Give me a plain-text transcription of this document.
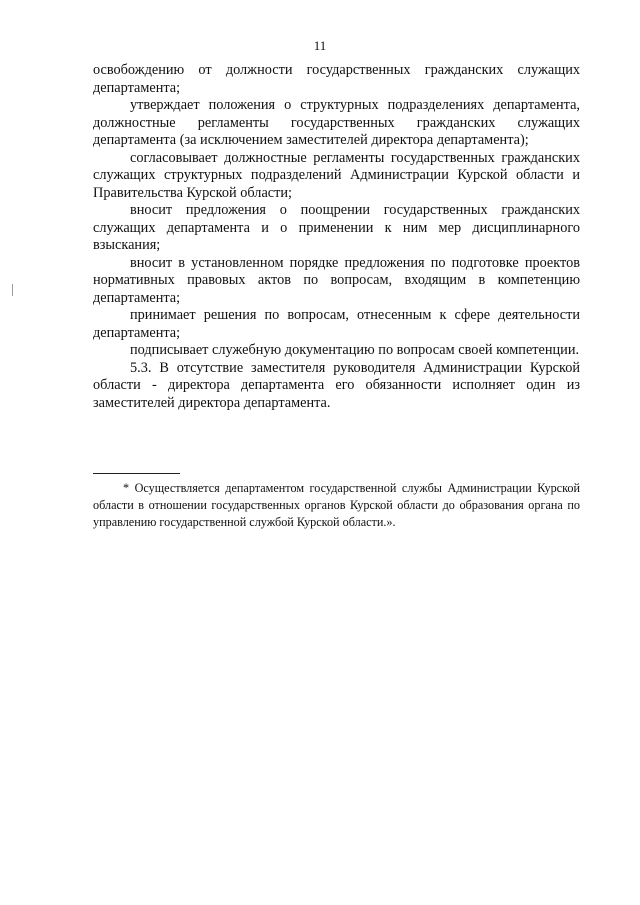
11

освобождению от должности государственных гражданских служащих департамента;

утверждает положения о структурных подразделениях департамента, должностные регламенты государственных гражданских служащих департамента (за исключением заместителей директора департамента);

согласовывает должностные регламенты государственных гражданских служащих структурных подразделений Администрации Курской области и Правительства Курской области;

вносит предложения о поощрении государственных гражданских служащих департамента и о применении к ним мер дисциплинарного взыскания;

вносит в установленном порядке предложения по подготовке проектов нормативных правовых актов по вопросам, входящим в компетенцию департамента;

принимает решения по вопросам, отнесенным к сфере деятельности департамента;

подписывает служебную документацию по вопросам своей компетенции.

5.3. В отсутствие заместителя руководителя Администрации Курской области - директора департамента его обязанности исполняет один из заместителей директора департамента.

* Осуществляется департаментом государственной службы Администрации Курской области в отношении государственных органов Курской области до образования органа по управлению государственной службой Курской области.».
